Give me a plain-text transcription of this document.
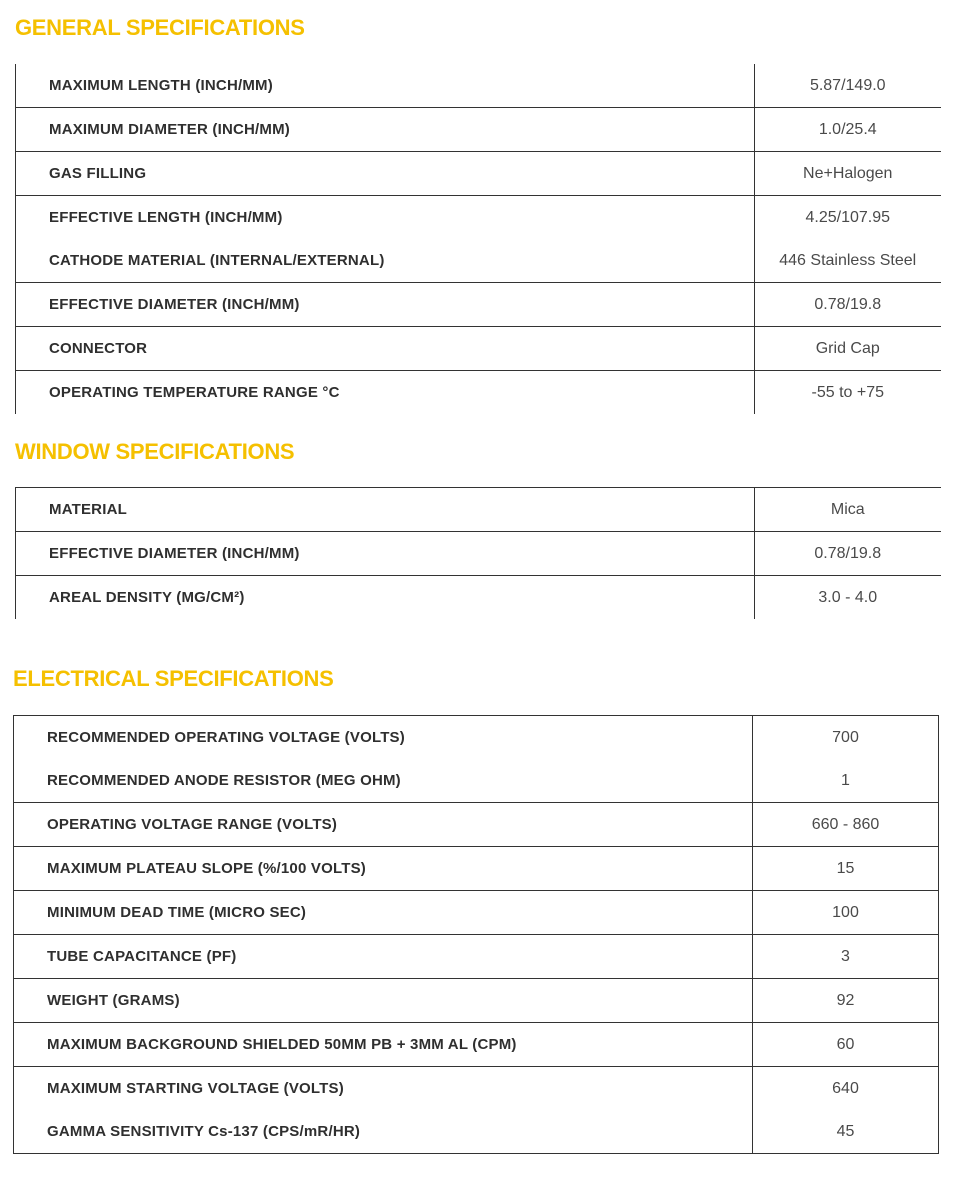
GENERAL SPECIFICATIONS
MAXIMUM LENGTH (INCH/MM)	5.87/149.0
MAXIMUM DIAMETER (INCH/MM)	1.0/25.4
GAS FILLING	Ne+Halogen
EFFECTIVE LENGTH (INCH/MM)	4.25/107.95
CATHODE MATERIAL (INTERNAL/EXTERNAL)	446 Stainless Steel
EFFECTIVE DIAMETER (INCH/MM)	0.78/19.8
CONNECTOR	Grid Cap
OPERATING TEMPERATURE RANGE °C	-55 to +75
WINDOW SPECIFICATIONS
MATERIAL	Mica
EFFECTIVE DIAMETER (INCH/MM)	0.78/19.8
AREAL DENSITY (MG/CM²)	3.0 - 4.0
ELECTRICAL SPECIFICATIONS
RECOMMENDED OPERATING VOLTAGE (VOLTS)	700
RECOMMENDED ANODE RESISTOR (MEG OHM)	1
OPERATING VOLTAGE RANGE (VOLTS)	660 - 860
MAXIMUM PLATEAU SLOPE (%/100 VOLTS)	15
MINIMUM DEAD TIME (MICRO SEC)	100
TUBE CAPACITANCE (PF)	3
WEIGHT (GRAMS)	92
MAXIMUM BACKGROUND SHIELDED 50MM PB + 3MM AL (CPM)	60
MAXIMUM STARTING VOLTAGE (VOLTS)	640
GAMMA SENSITIVITY Cs-137 (CPS/mR/HR)	45
